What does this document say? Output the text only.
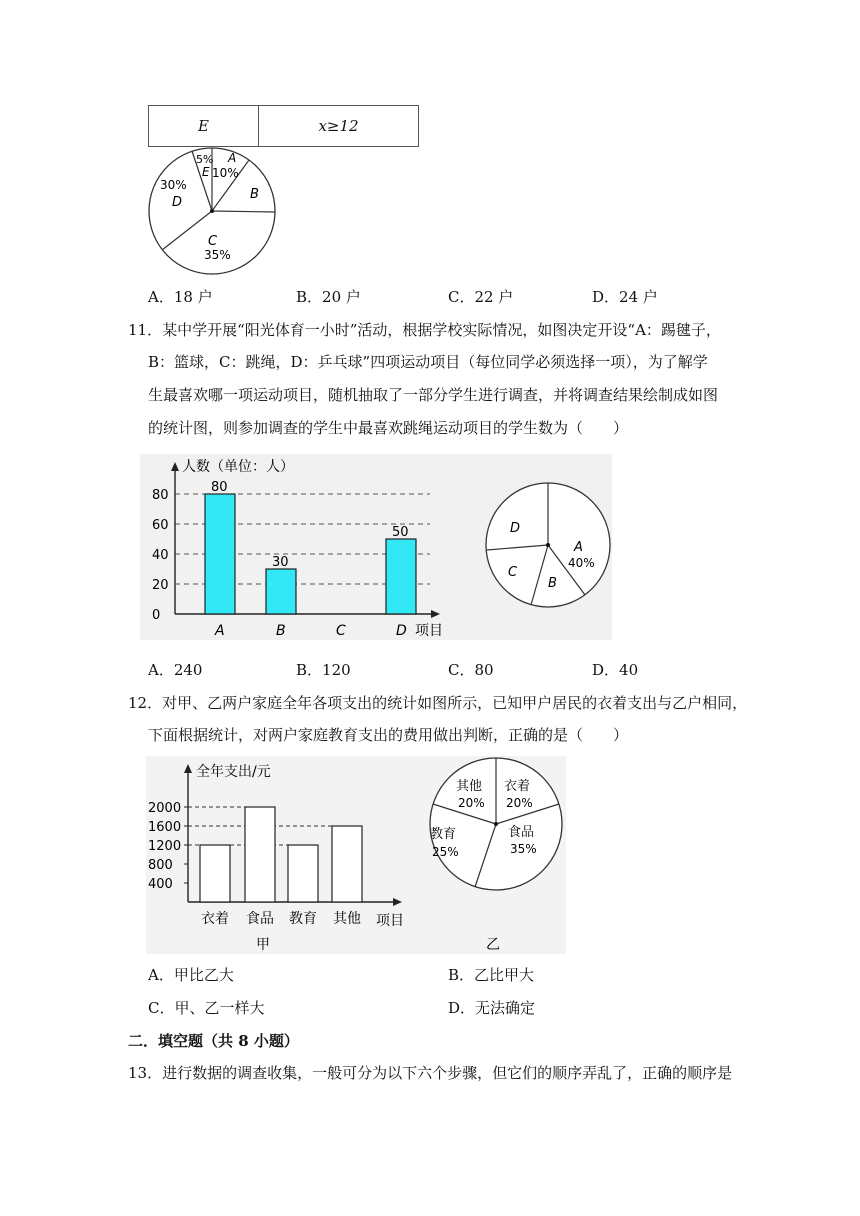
E	x≥12
5% A
E 10%
B
30%
D
C
35%
A．18 户	B．20 户	C．22 户	D．24 户
11．某中学开展“阳光体育一小时”活动，根据学校实际情况，如图决定开设“A：踢毽子，
B：篮球，C：跳绳，D：乒乓球”四项运动项目（每位同学必须选择一项），为了解学
生最喜欢哪一项运动项目，随机抽取了一部分学生进行调查，并将调查结果绘制成如图
的统计图，则参加调查的学生中最喜欢跳绳运动项目的学生数为（　　）
人数（单位：人）
项目
0
20
40
60
80
A	B	C	D
80
30
50	D
A
40%
C
B
A．240	B．120	C．80	D．40
12．对甲、乙两户家庭全年各项支出的统计如图所示，已知甲户居民的衣着支出与乙户相同，
下面根据统计，对两户家庭教育支出的费用做出判断，正确的是（　　）
全年支出/元
项目
甲
400
800
1200
1600
2000
衣着 食品 教育 其他
其他
20%
衣着
20%
食品
35%
教育
25%
乙
A．甲比乙大	B．乙比甲大
C．甲、乙一样大	D．无法确定
二．填空题（共 8 小题）
13．进行数据的调查收集，一般可分为以下六个步骤，但它们的顺序弄乱了，正确的顺序是
